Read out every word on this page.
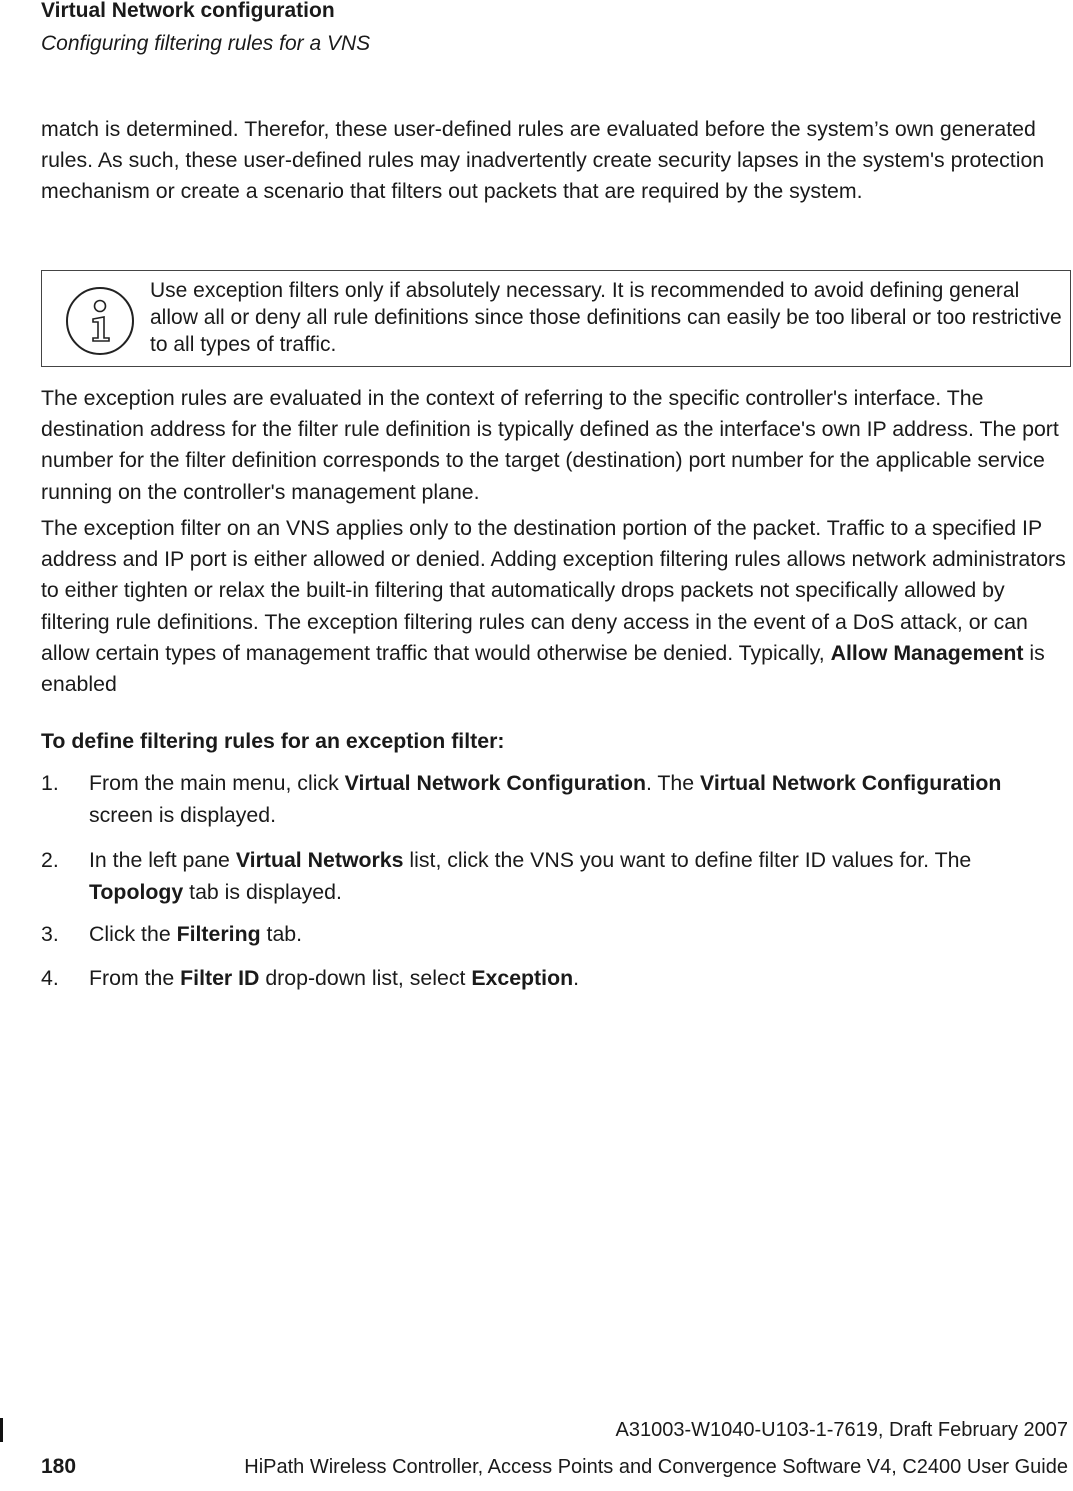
Virtual Network configuration
Configuring filtering rules for a VNS

match is determined. Therefor, these user-defined rules are evaluated before the system’s own generated rules. As such, these user-defined rules may inadvertently create security lapses in the system's protection mechanism or create a scenario that filters out packets that are required by the system.

Use exception filters only if absolutely necessary. It is recommended to avoid defining general allow all or deny all rule definitions since those definitions can easily be too liberal or too restrictive to all types of traffic.

The exception rules are evaluated in the context of referring to the specific controller's interface. The destination address for the filter rule definition is typically defined as the interface's own IP address. The port number for the filter definition corresponds to the target (destination) port number for the applicable service running on the controller's management plane.

The exception filter on an VNS applies only to the destination portion of the packet. Traffic to a specified IP address and IP port is either allowed or denied. Adding exception filtering rules allows network administrators to either tighten or relax the built-in filtering that automatically drops packets not specifically allowed by filtering rule definitions. The exception filtering rules can deny access in the event of a DoS attack, or can allow certain types of management traffic that would otherwise be denied. Typically, Allow Management is enabled

To define filtering rules for an exception filter:
1.	From the main menu, click Virtual Network Configuration. The Virtual Network Configuration screen is displayed.
2.	In the left pane Virtual Networks list, click the VNS you want to define filter ID values for. The Topology tab is displayed.
3.	Click the Filtering tab.
4.	From the Filter ID drop-down list, select Exception.
180
A31003-W1040-U103-1-7619, Draft February 2007
HiPath Wireless Controller, Access Points and Convergence Software V4, C2400 User Guide
